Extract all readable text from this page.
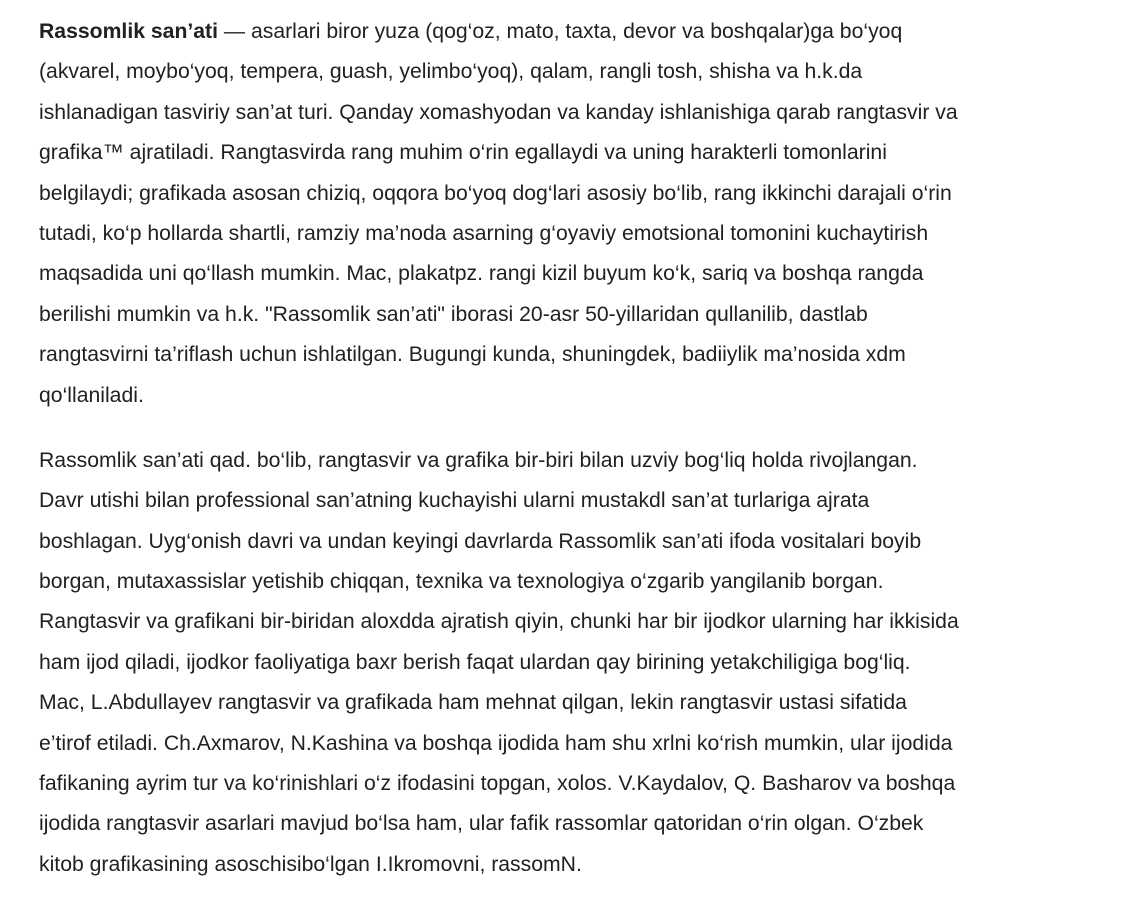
Rassomlik san’ati — asarlari biror yuza (qog‘oz, mato, taxta, devor va boshqalar)ga bo‘yoq
(akvarel, moybo‘yoq, tempera, guash, yelimbo‘yoq), qalam, rangli tosh, shisha va h.k.da
ishlanadigan tasviriy san’at turi. Qanday xomashyodan va kanday ishlanishiga qarab rangtasvir va
grafika™ ajratiladi. Rangtasvirda rang muhim o‘rin egallaydi va uning harakterli tomonlarini
belgilaydi; grafikada asosan chiziq, oqqora bo‘yoq dog‘lari asosiy bo‘lib, rang ikkinchi darajali o‘rin
tutadi, ko‘p hollarda shartli, ramziy ma’noda asarning g‘oyaviy emotsional tomonini kuchaytirish
maqsadida uni qo‘llash mumkin. Mac, plakatpz. rangi kizil buyum ko‘k, sariq va boshqa rangda
berilishi mumkin va h.k. "Rassomlik san’ati" iborasi 20-asr 50-yillaridan qullanilib, dastlab
rangtasvirni ta’riflash uchun ishlatilgan. Bugungi kunda, shuningdek, badiiylik ma’nosida xdm
qo‘llaniladi.

Rassomlik san’ati qad. bo‘lib, rangtasvir va grafika bir-biri bilan uzviy bog‘liq holda rivojlangan.
Davr utishi bilan professional san’atning kuchayishi ularni mustakdl san’at turlariga ajrata
boshlagan. Uyg‘onish davri va undan keyingi davrlarda Rassomlik san’ati ifoda vositalari boyib
borgan, mutaxassislar yetishib chiqqan, texnika va texnologiya o‘zgarib yangilanib borgan.
Rangtasvir va grafikani bir-biridan aloxdda ajratish qiyin, chunki har bir ijodkor ularning har ikkisida
ham ijod qiladi, ijodkor faoliyatiga baxr berish faqat ulardan qay birining yetakchiligiga bog‘liq.
Mac, L.Abdullayev rangtasvir va grafikada ham mehnat qilgan, lekin rangtasvir ustasi sifatida
e’tirof etiladi. Ch.Axmarov, N.Kashina va boshqa ijodida ham shu xrlni ko‘rish mumkin, ular ijodida
fafikaning ayrim tur va ko‘rinishlari o‘z ifodasini topgan, xolos. V.Kaydalov, Q. Basharov va boshqa
ijodida rangtasvir asarlari mavjud bo‘lsa ham, ular fafik rassomlar qatoridan o‘rin olgan. O‘zbek
kitob grafikasining asoschisibo‘lgan I.Ikromovni, rassomN.
